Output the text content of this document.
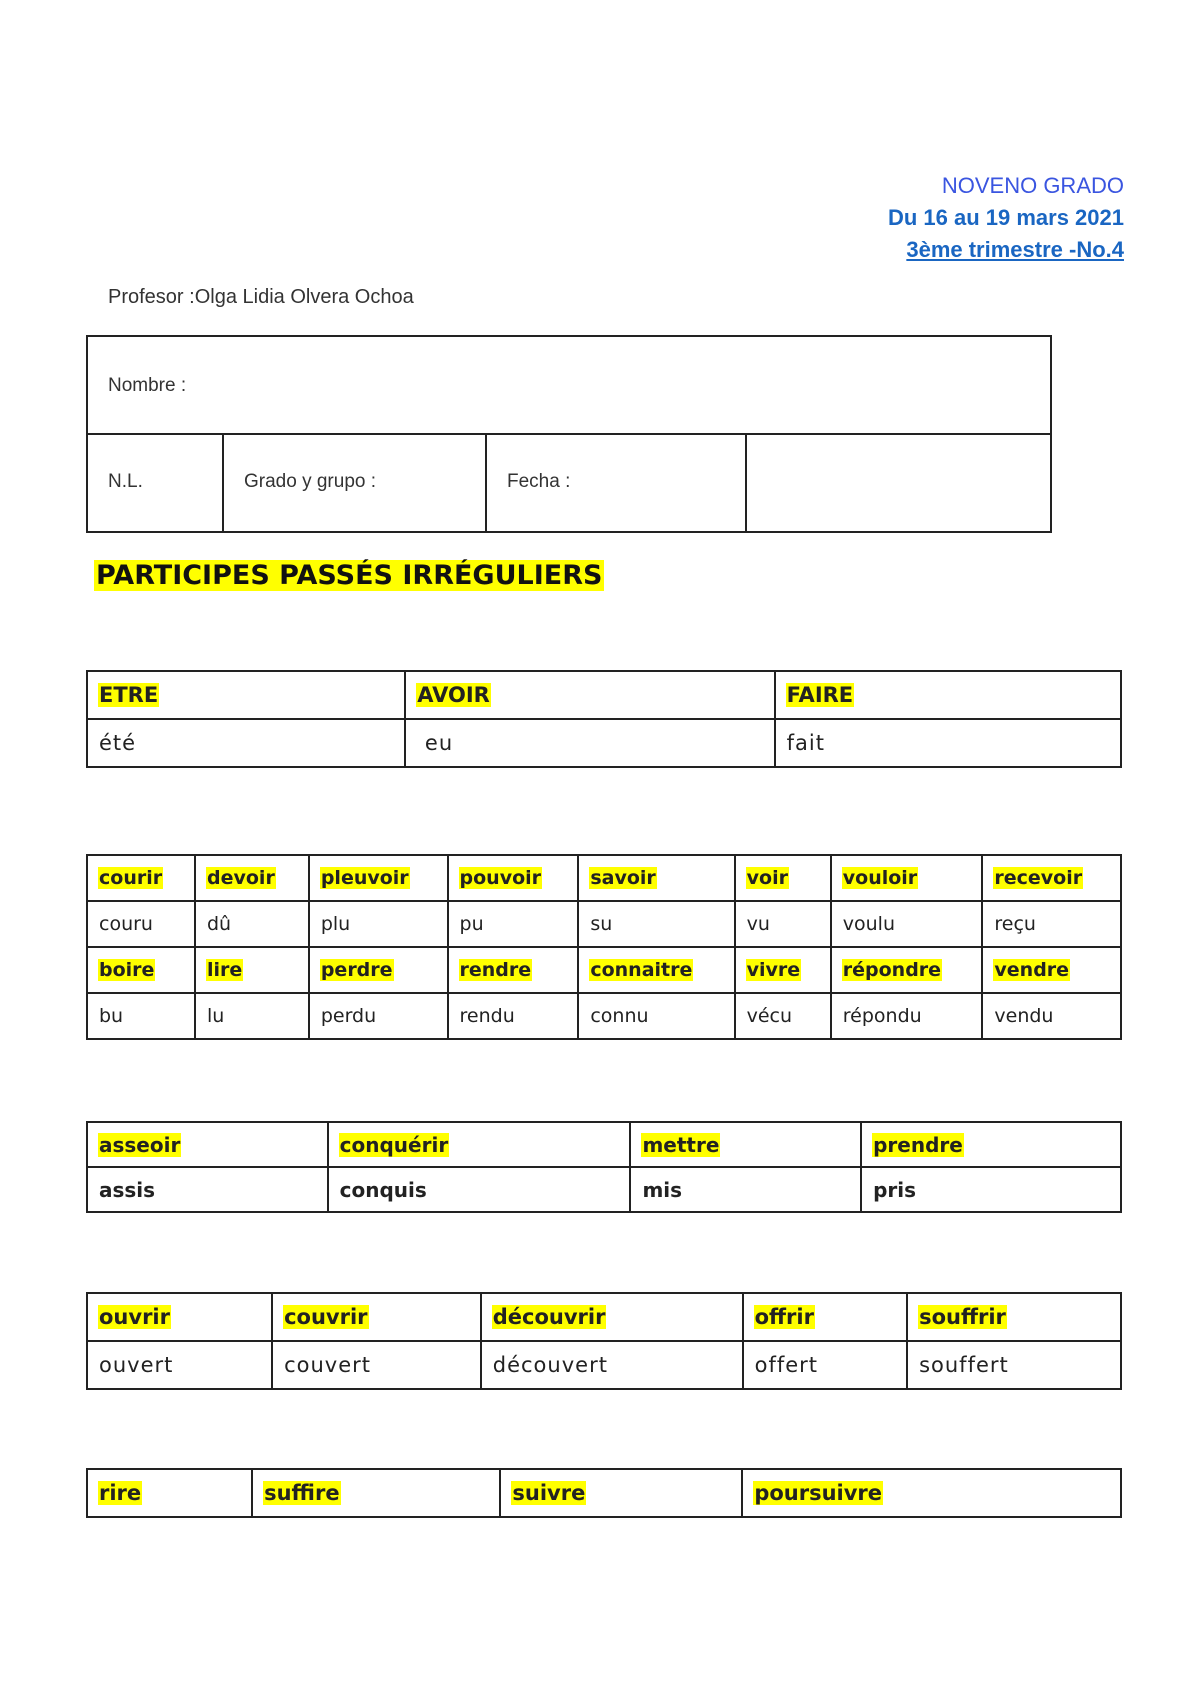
NOVENO GRADO
Du 16 au 19 mars 2021
3ème trimestre -No.4
Profesor :Olga Lidia Olvera Ochoa
Nombre :
N.L.	Grado y grupo :	Fecha :
PARTICIPES PASSÉS IRRÉGULIERS
ETRE	AVOIR	FAIRE
été	eu	fait
courir	devoir	pleuvoir	pouvoir	savoir	voir	vouloir	recevoir
couru	dû	plu	pu	su	vu	voulu	reçu
boire	lire	perdre	rendre	connaitre	vivre	répondre	vendre
bu	lu	perdu	rendu	connu	vécu	répondu	vendu
asseoir	conquérir	mettre	prendre
assis	conquis	mis	pris
ouvrir	couvrir	découvrir	offrir	souffrir
ouvert	couvert	découvert	offert	souffert
rire	suffire	suivre	poursuivre
